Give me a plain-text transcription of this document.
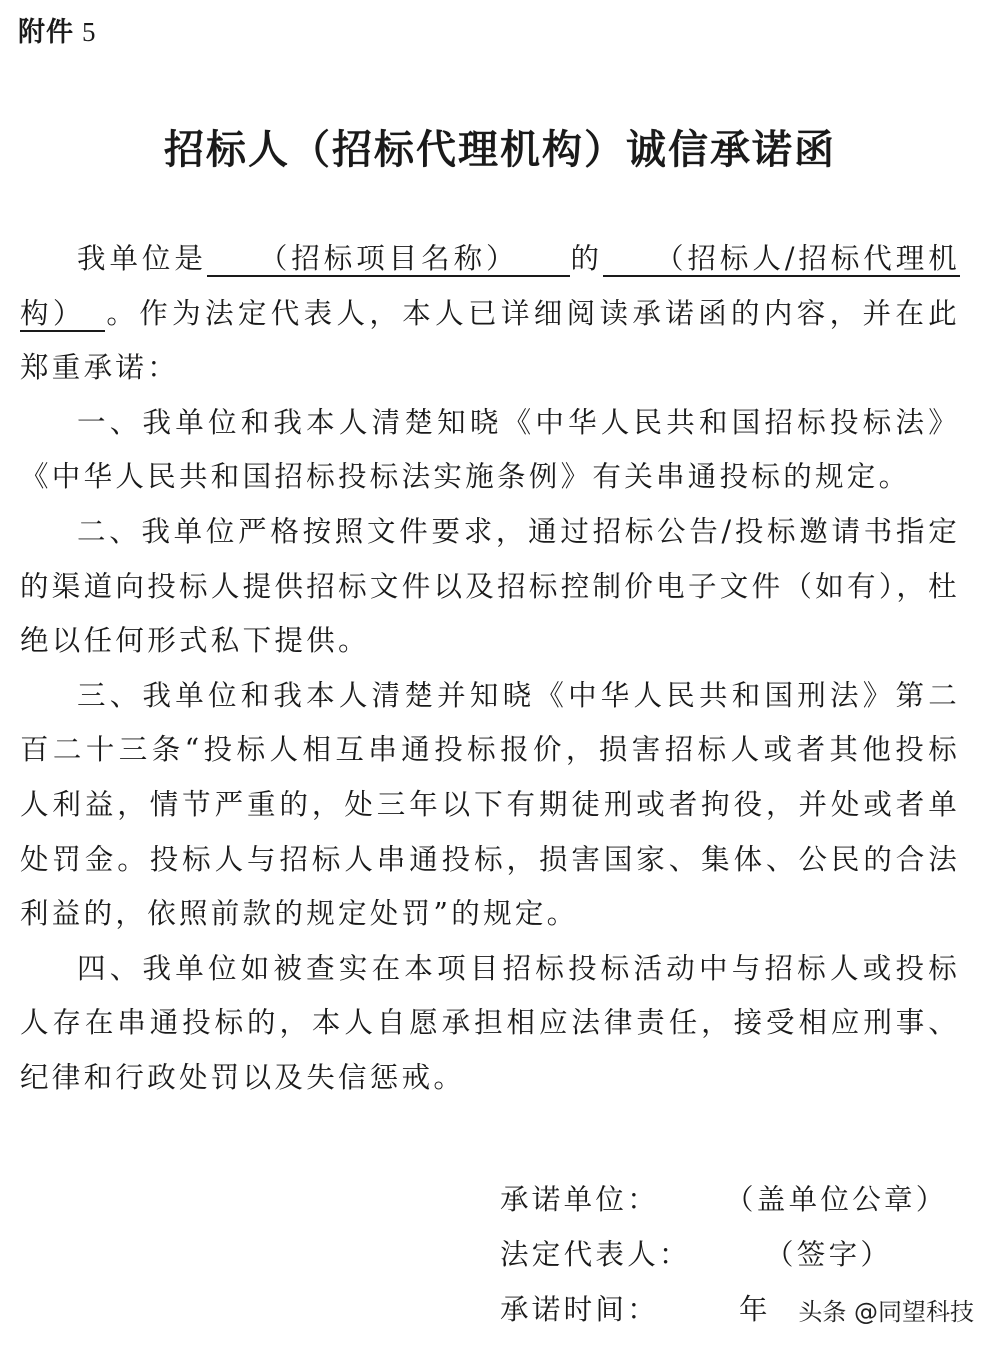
附件 5
招标人（招标代理机构）诚信承诺函

我单位是   （招标项目名称）   的   （招标人/招标代理机构）  。作为法定代表人，本人已详细阅读承诺函的内容，并在此郑重承诺：

一、我单位和我本人清楚知晓《中华人民共和国招标投标法》《中华人民共和国招标投标法实施条例》有关串通投标的规定。

二、我单位严格按照文件要求，通过招标公告/投标邀请书指定的渠道向投标人提供招标文件以及招标控制价电子文件（如有），杜绝以任何形式私下提供。

三、我单位和我本人清楚并知晓《中华人民共和国刑法》第二百二十三条“投标人相互串通投标报价，损害招标人或者其他投标人利益，情节严重的，处三年以下有期徒刑或者拘役，并处或者单处罚金。投标人与招标人串通投标，损害国家、集体、公民的合法利益的，依照前款的规定处罚”的规定。

四、我单位如被查实在本项目招标投标活动中与招标人或投标人存在串通投标的，本人自愿承担相应法律责任，接受相应刑事、纪律和行政处罚以及失信惩戒。

承诺单位： （盖单位公章）
法定代表人：	（签字）
承诺时间：	年	头条 @同望科技
